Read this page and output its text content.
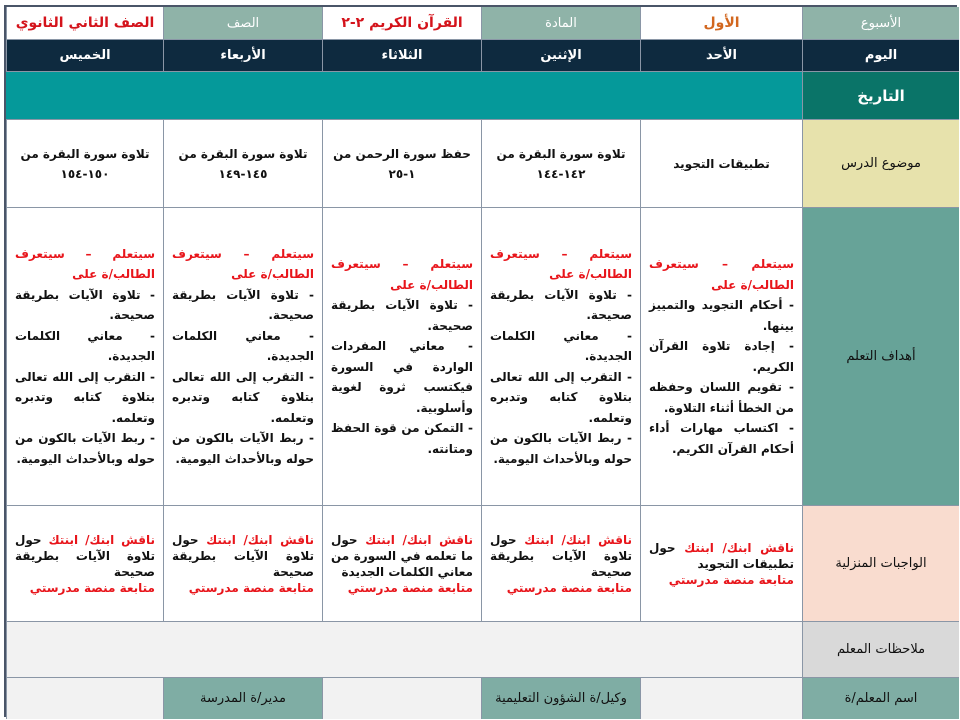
الأسبوع
الأول
المادة
القرآن الكريم ٢-٢
الصف
الصف الثاني الثانوي
اليوم
الأحد
الإثنين
الثلاثاء
الأربعاء
الخميس
التاريخ
موضوع الدرس
تطبيقات التجويد
تلاوة سورة البقرة من ١٤٢-١٤٤
حفظ سورة الرحمن من ١-٢٥
تلاوة سورة البقرة من ١٤٥-١٤٩
تلاوة سورة البقرة من ١٥٠-١٥٤
أهداف التعلم
سيتعلم – سيتعرف الطالب/ة على
- أحكام التجويد والتمييز بينها.
- إجادة تلاوة القرآن الكريم.
- تقويم اللسان وحفظه من الخطأ أثناء التلاوة.
- اكتساب مهارات أداء أحكام القرآن الكريم.
سيتعلم – سيتعرف الطالب/ة على
- تلاوة الآيات بطريقة صحيحة.
- معاني الكلمات الجديدة.
- التقرب إلى الله تعالى بتلاوة كتابه وتدبره وتعلمه.
- ربط الآيات بالكون من حوله وبالأحداث اليومية.
سيتعلم – سيتعرف الطالب/ة على
- تلاوة الآيات بطريقة صحيحة.
- معاني المفردات الواردة في السورة فيكتسب ثروة لغوية وأسلوبية.
- التمكن من قوة الحفظ ومتانته.
سيتعلم – سيتعرف الطالب/ة على
- تلاوة الآيات بطريقة صحيحة.
- معاني الكلمات الجديدة.
- التقرب إلى الله تعالى بتلاوة كتابه وتدبره وتعلمه.
- ربط الآيات بالكون من حوله وبالأحداث اليومية.
سيتعلم – سيتعرف الطالب/ة على
- تلاوة الآيات بطريقة صحيحة.
- معاني الكلمات الجديدة.
- التقرب إلى الله تعالى بتلاوة كتابه وتدبره وتعلمه.
- ربط الآيات بالكون من حوله وبالأحداث اليومية.
الواجبات المنزلية
ناقش ابنك/ ابنتك حول تطبيقات التجويد
متابعة منصة مدرستي
ناقش ابنك/ ابنتك حول تلاوة الآيات بطريقة صحيحة
متابعة منصة مدرستي
ناقش ابنك/ ابنتك حول ما تعلمه في السورة من معاني الكلمات الجديدة
متابعة منصة مدرستي
ناقش ابنك/ ابنتك حول تلاوة الآيات بطريقة صحيحة
متابعة منصة مدرستي
ناقش ابنك/ ابنتك حول تلاوة الآيات بطريقة صحيحة
متابعة منصة مدرستي
ملاحظات المعلم
اسم المعلم/ة
وكيل/ة الشؤون التعليمية
مدير/ة المدرسة
